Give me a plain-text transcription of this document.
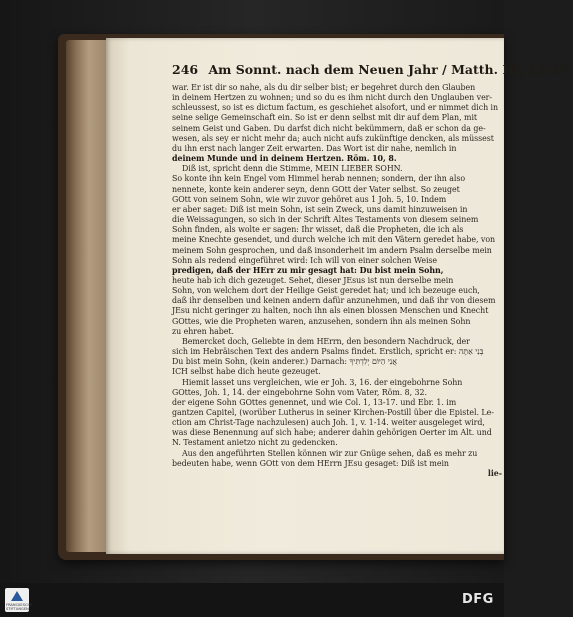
246 Am Sonnt. nach dem Neuen Jahr / Matth. III, 13-17.
war. Er ist dir so nahe, als du dir selber bist; er begehret durch den Glauben
in deinem Hertzen zu wohnen; und so du es ihm nicht durch den Unglauben ver-
schleussest, so ist es dictum factum, es geschiehet alsofort, und er nimmet dich in
seine selige Gemeinschaft ein. So ist er denn selbst mit dir auf dem Plan, mit
seinem Geist und Gaben. Du darfst dich nicht bekümmern, daß er schon da ge-
wesen, als sey er nicht mehr da; auch nicht aufs zukünftige dencken, als müssest
du ihn erst nach langer Zeit erwarten. Das Wort ist dir nahe, nemlich in
deinem Munde und in deinem Hertzen. Röm. 10, 8.
Diß ist, spricht denn die Stimme, MEIN LIEBER SOHN.
So konte ihn kein Engel vom Himmel herab nennen; sondern, der ihn also
nennete, konte kein anderer seyn, denn GOtt der Vater selbst. So zeuget
GOtt von seinem Sohn, wie wir zuvor gehöret aus 1 Joh. 5, 10. Indem
er aber saget: Diß ist mein Sohn, ist sein Zweck, uns damit hinzuweisen in
die Weissagungen, so sich in der Schrift Altes Testaments von diesem seinem
Sohn finden, als wolte er sagen: Ihr wisset, daß die Propheten, die ich als
meine Knechte gesendet, und durch welche ich mit den Vätern geredet habe, von
meinem Sohn gesprochen, und daß insonderheit im andern Psalm derselbe mein
Sohn als redend eingeführet wird: Ich will von einer solchen Weise
predigen, daß der HErr zu mir gesagt hat: Du bist mein Sohn,
heute hab ich dich gezeuget. Sehet, dieser JEsus ist nun derselbe mein
Sohn, von welchem dort der Heilige Geist geredet hat; und ich bezeuge euch,
daß ihr denselben und keinen andern dafür anzunehmen, und daß ihr von diesem
JEsu nicht geringer zu halten, noch ihn als einen blossen Menschen und Knecht
GOttes, wie die Propheten waren, anzusehen, sondern ihn als meinen Sohn
zu ehren habet.
Bemercket doch, Geliebte in dem HErrn, den besondern Nachdruck, der
sich im Hebräischen Text des andern Psalms findet. Erstlich, spricht er: בְּנִי אַתָּה
Du bist mein Sohn, (kein anderer.) Darnach: אֲנִי הַיּוֹם יְלִדְתִּיךָ
ICH selbst habe dich heute gezeuget.
Hiemit lasset uns vergleichen, wie er Joh. 3, 16. der eingebohrne Sohn
GOttes, Joh. 1, 14. der eingebohrne Sohn vom Vater, Röm. 8, 32.
der eigene Sohn GOttes genennet, und wie Col. 1, 13-17. und Ebr. 1. im
gantzen Capitel, (worüber Lutherus in seiner Kirchen-Postill über die Epistel. Le-
ction am Christ-Tage nachzulesen) auch Joh. 1, v. 1-14. weiter ausgeleget wird,
was diese Benennung auf sich habe; anderer dahin gehörigen Oerter im Alt. und
N. Testament anietzo nicht zu gedencken.
Aus den angeführten Stellen können wir zur Gnüge sehen, daß es mehr zu
bedeuten habe, wenn GOtt von dem HErrn JEsu gesaget: Diß ist mein
lie-
FRANCKESCHE
STIFTUNGEN
DFG
